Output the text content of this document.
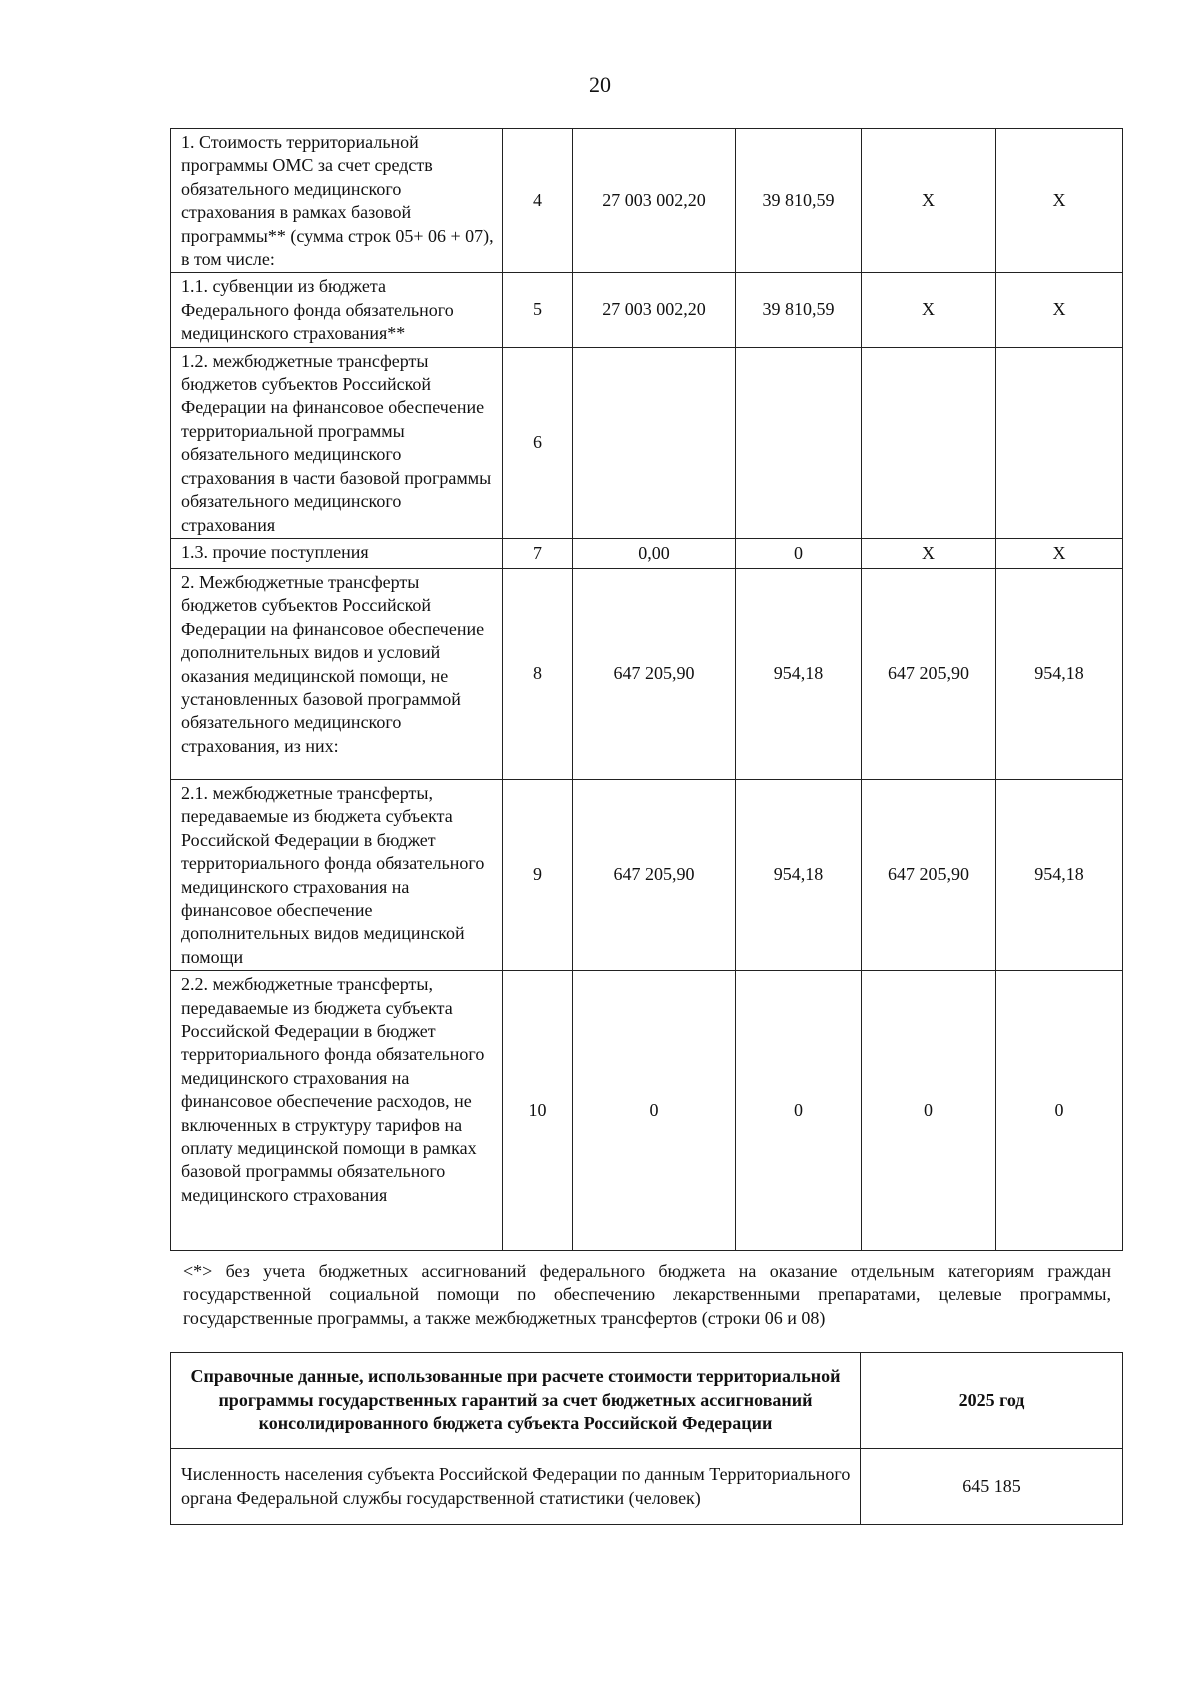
20
1. Стоимость территориальной программы ОМС за счет средств обязательного медицинского страхования в рамках базовой программы** (сумма строк 05+ 06 + 07), в том числе:	4	27 003 002,20	39 810,59	X	X
1.1. субвенции из бюджета Федерального фонда обязательного медицинского страхования**	5	27 003 002,20	39 810,59	X	X
1.2. межбюджетные трансферты бюджетов субъектов Российской Федерации на финансовое обеспечение территориальной программы обязательного медицинского страхования в части базовой программы обязательного медицинского страхования	6				
1.3. прочие поступления	7	0,00	0	X	X
2. Межбюджетные трансферты бюджетов субъектов Российской Федерации на финансовое обеспечение дополнительных видов и условий оказания медицинской помощи, не установленных базовой программой обязательного медицинского страхования, из них:	8	647 205,90	954,18	647 205,90	954,18
2.1. межбюджетные трансферты, передаваемые из бюджета субъекта Российской Федерации в бюджет территориального фонда обязательного медицинского страхования на финансовое обеспечение дополнительных видов медицинской помощи	9	647 205,90	954,18	647 205,90	954,18
2.2. межбюджетные трансферты, передаваемые из бюджета субъекта Российской Федерации в бюджет территориального фонда обязательного медицинского страхования на финансовое обеспечение расходов, не включенных в структуру тарифов на оплату медицинской помощи в рамках базовой программы обязательного медицинского страхования	10	0	0	0	0
<*> без учета бюджетных ассигнований федерального бюджета на оказание отдельным категориям граждан государственной социальной помощи по обеспечению лекарственными препаратами, целевые программы, государственные программы, а также межбюджетных трансфертов (строки 06 и 08)
Справочные данные, использованные при расчете стоимости территориальной программы государственных гарантий за счет бюджетных ассигнований консолидированного бюджета субъекта Российской Федерации	2025 год
Численность населения субъекта Российской Федерации по данным Территориального органа Федеральной службы государственной статистики (человек)	645 185
